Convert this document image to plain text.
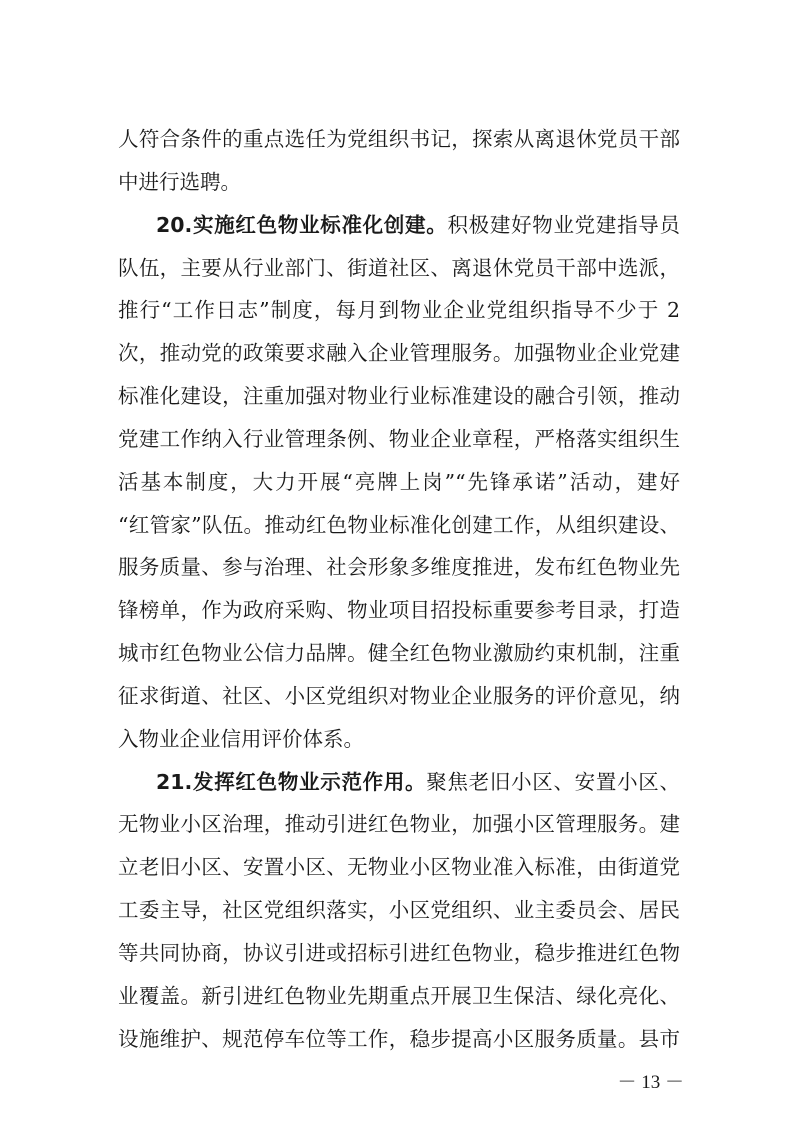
人符合条件的重点选任为党组织书记，探索从离退休党员干部
中进行选聘。
20.实施红色物业标准化创建。积极建好物业党建指导员
队伍，主要从行业部门、街道社区、离退休党员干部中选派，
推行“工作日志”制度，每月到物业企业党组织指导不少于 2
次，推动党的政策要求融入企业管理服务。加强物业企业党建
标准化建设，注重加强对物业行业标准建设的融合引领，推动
党建工作纳入行业管理条例、物业企业章程，严格落实组织生
活基本制度，大力开展“亮牌上岗”“先锋承诺”活动，建好
“红管家”队伍。推动红色物业标准化创建工作，从组织建设、
服务质量、参与治理、社会形象多维度推进，发布红色物业先
锋榜单，作为政府采购、物业项目招投标重要参考目录，打造
城市红色物业公信力品牌。健全红色物业激励约束机制，注重
征求街道、社区、小区党组织对物业企业服务的评价意见，纳
入物业企业信用评价体系。
21.发挥红色物业示范作用。聚焦老旧小区、安置小区、
无物业小区治理，推动引进红色物业，加强小区管理服务。建
立老旧小区、安置小区、无物业小区物业准入标准，由街道党
工委主导，社区党组织落实，小区党组织、业主委员会、居民
等共同协商，协议引进或招标引进红色物业，稳步推进红色物
业覆盖。新引进红色物业先期重点开展卫生保洁、绿化亮化、
设施维护、规范停车位等工作，稳步提高小区服务质量。县市
－ 13 －
